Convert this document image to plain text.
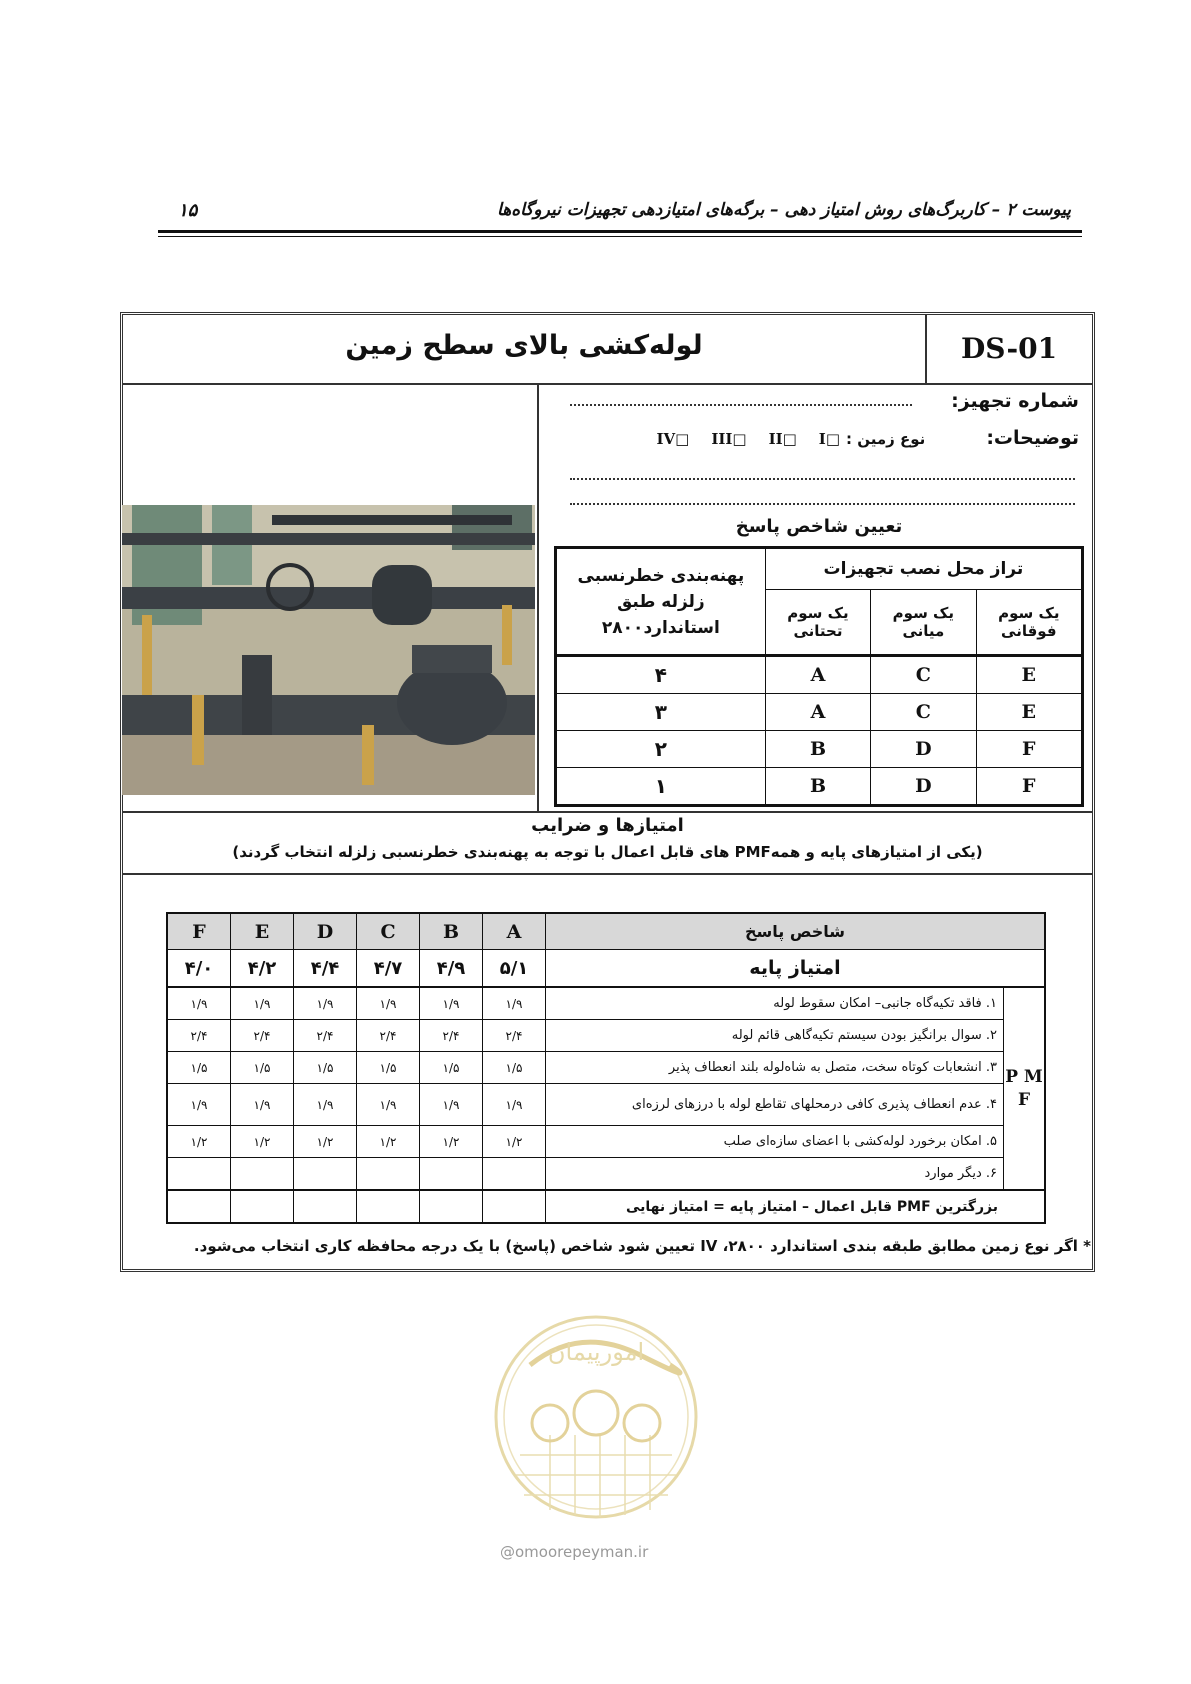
پیوست ۲ – کاربرگ‌های روش امتیاز دهی – برگه‌های امتیازدهی تجهیزات نیروگاه‌ها
۱۵
لوله‌کشی بالای سطح زمین	DS-01
شماره تجهیز:
توضیحات:
نوع زمین :
I□
II□
III□
IV□
تعیین شاخص پاسخ
پهنه‌بندی خطرنسبی زلزله طبق استاندارد۲۸۰۰	تراز محل نصب تجهیزات		
	یک سوم تحتانی	یک سوم میانی	یک سوم فوقانی
۴	A	C	E
۳	A	C	E
۲	B	D	F
۱	B	D	F
امتیازها و ضرایب
(یکی از امتیازهای پایه و همهPMF های قابل اعمال با توجه به پهنه‌بندی خطرنسبی زلزله انتخاب گردند)
F	E	D	C	B	A	شاخص پاسخ	
۴/۰	۴/۲	۴/۴	۴/۷	۴/۹	۵/۱	امتیاز پایه	
۱/۹	۱/۹	۱/۹	۱/۹	۱/۹	۱/۹	۱. فاقد تکیه‌گاه جانبی– امکان سقوط لوله	P M F
۲/۴	۲/۴	۲/۴	۲/۴	۲/۴	۲/۴	۲. سوال برانگیز بودن سیستم تکیه‌گاهی قائم لوله	
۱/۵	۱/۵	۱/۵	۱/۵	۱/۵	۱/۵	۳. انشعابات کوتاه سخت، متصل به شاه‌لوله بلند انعطاف پذیر	
۱/۹	۱/۹	۱/۹	۱/۹	۱/۹	۱/۹	۴. عدم انعطاف پذیری کافی درمحلهای تقاطع لوله با درزهای لرزه‌ای	
۱/۲	۱/۲	۱/۲	۱/۲	۱/۲	۱/۲	۵. امکان برخورد لوله‌کشی با اعضای سازه‌ای صلب	
						۶. دیگر موارد	
						بزرگترین PMF قابل اعمال – امتیاز پایه = امتیاز نهایی	
* اگر نوع زمین مطابق طبقه بندی استاندارد ۲۸۰۰، IV تعیین شود شاخص (پاسخ) با یک درجه محافظه کاری انتخاب می‌شود.
امورپیمان
@omoorepeyman.ir
